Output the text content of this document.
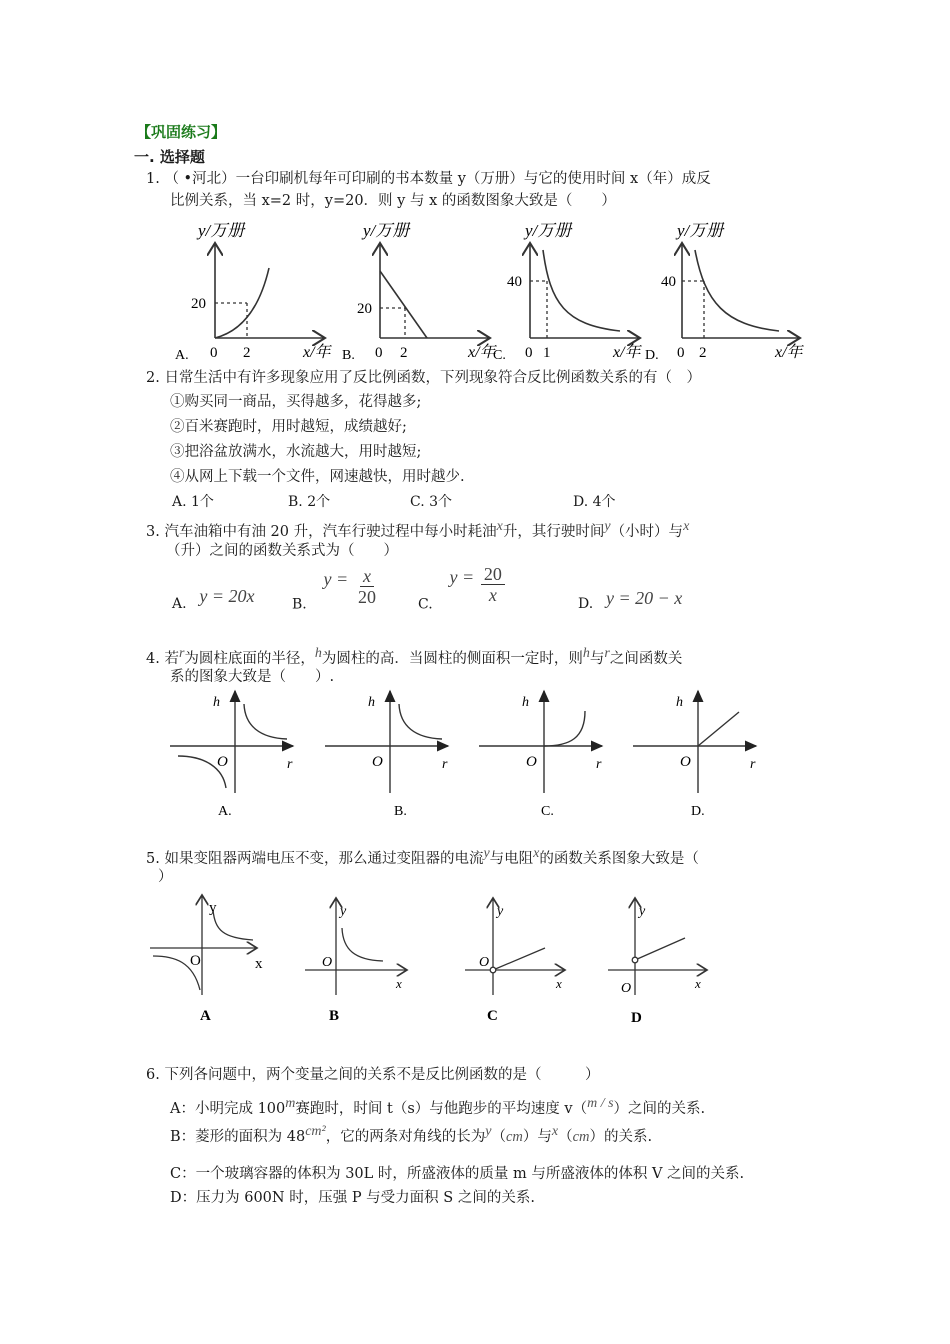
【巩固练习】
一. 选择题
1. （ •河北）一台印刷机每年可印刷的书本数量 y（万册）与它的使用时间 x（年）成反
比例关系，当 x=2 时，y=20．则 y 与 x 的函数图象大致是（　　）
y/万册
20
0 2	x/年
A.
y/万册
20
0 2	x/年
B.
y/万册
40
0 1	x/年
C.
y/万册
40
0 2	x/年
D.
2. 日常生活中有许多现象应用了反比例函数，下列现象符合反比例函数关系的有（　）
①购买同一商品，买得越多，花得越多;
②百米赛跑时，用时越短，成绩越好;
③把浴盆放满水，水流越大，用时越短;
④从网上下载一个文件，网速越快，用时越少.
A. 1个	B. 2个	C. 3个	D. 4个
3. 汽车油箱中有油 20 升，汽车行驶过程中每小时耗油x升，其行驶时间y（小时）与x
（升）之间的函数关系式为（　　）
A. y = 20x	B. $y = \frac{x}{20}$	C. $y = \frac{20}{x}$	D. y = 20 − x
4. 若r为圆柱底面的半径，h为圆柱的高．当圆柱的侧面积一定时，则h与r之间函数关
系的图象大致是（　　）.
h
O	r
A.
h
O	r
B.
h
O	r
C.
h
O	r
D.
5. 如果变阻器两端电压不变，那么通过变阻器的电流y与电阻x的函数关系图象大致是（
）
y
O	x
A
y
O
x
B
y
O
x
C
y
O	x
D
6. 下列各问题中，两个变量之间的关系不是反比例函数的是（　　　）
A：小明完成 100m赛跑时，时间 t（s）与他跑步的平均速度 v（m / s）之间的关系.
B：菱形的面积为 48cm²，它的两条对角线的长为y（cm）与x（cm）的关系.
C：一个玻璃容器的体积为 30L 时，所盛液体的质量 m 与所盛液体的体积 V 之间的关系.
D：压力为 600N 时，压强 P 与受力面积 S 之间的关系.
